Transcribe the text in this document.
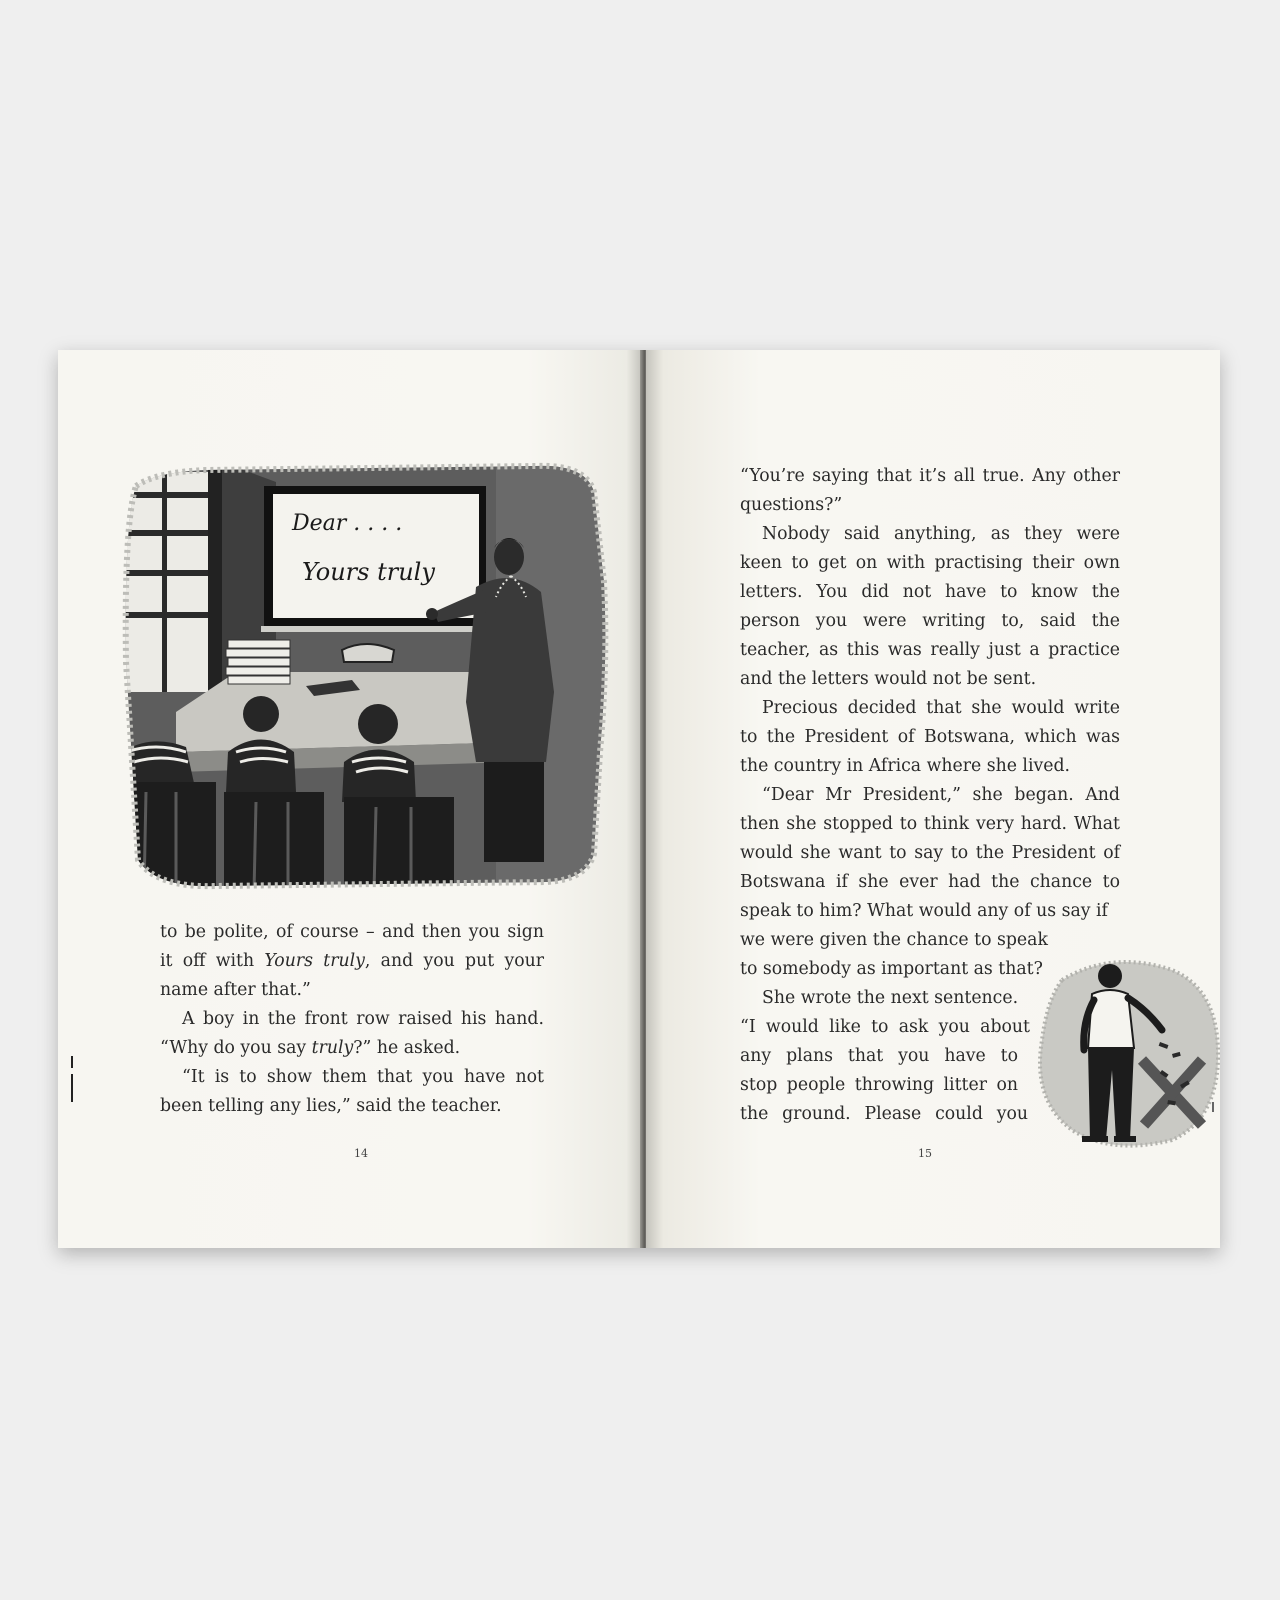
Dear . . . .
Yours truly

to be polite, of course – and then you sign it off with Yours truly, and you put your name after that.”

A boy in the front row raised his hand. “Why do you say truly?” he asked.

“It is to show them that you have not been telling any lies,” said the teacher.

14

“You’re saying that it’s all true. Any other questions?”

Nobody said anything, as they were keen to get on with practising their own letters. You did not have to know the person you were writing to, said the teacher, as this was really just a practice and the letters would not be sent.

Precious decided that she would write to the President of Botswana, which was the country in Africa where she lived.

“Dear Mr President,” she began. And then she stopped to think very hard. What would she want to say to the President of Botswana if she ever had the chance to speak to him? What would any of us say if

we were given the chance to speak
to somebody as important as that?
She wrote the next sentence.
“I would like to ask you about
any plans that you have to
stop people throwing litter on
the ground. Please could you
15
